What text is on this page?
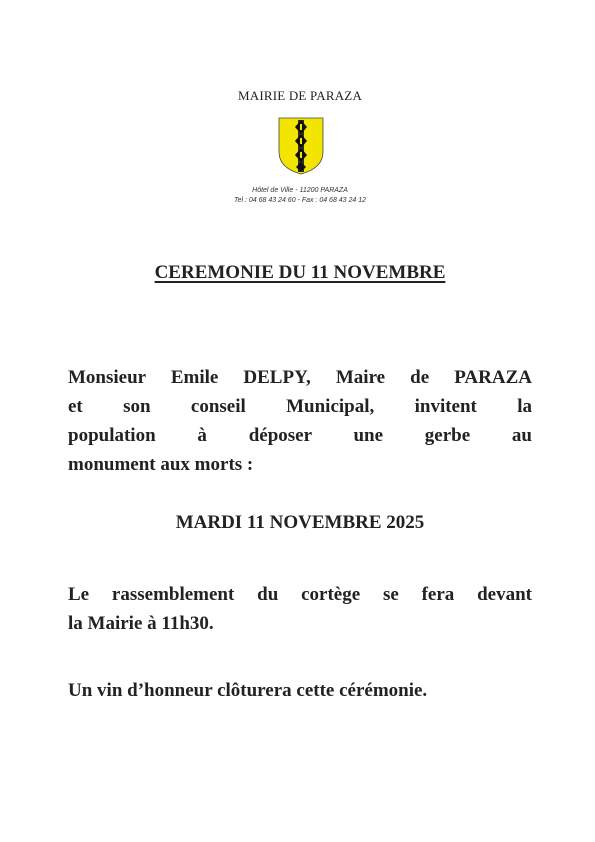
MAIRIE DE PARAZA
Hôtel de Ville - 11200 PARAZA
Tel : 04 68 43 24 60 - Fax : 04 68 43 24 12
CEREMONIE DU 11 NOVEMBRE
Monsieur Emile DELPY, Maire de PARAZA
et son conseil Municipal, invitent la
population à déposer une gerbe au
monument aux morts :
MARDI 11 NOVEMBRE 2025
Le rassemblement du cortège se fera devant
la Mairie à 11h30.
Un vin d’honneur clôturera cette cérémonie.
